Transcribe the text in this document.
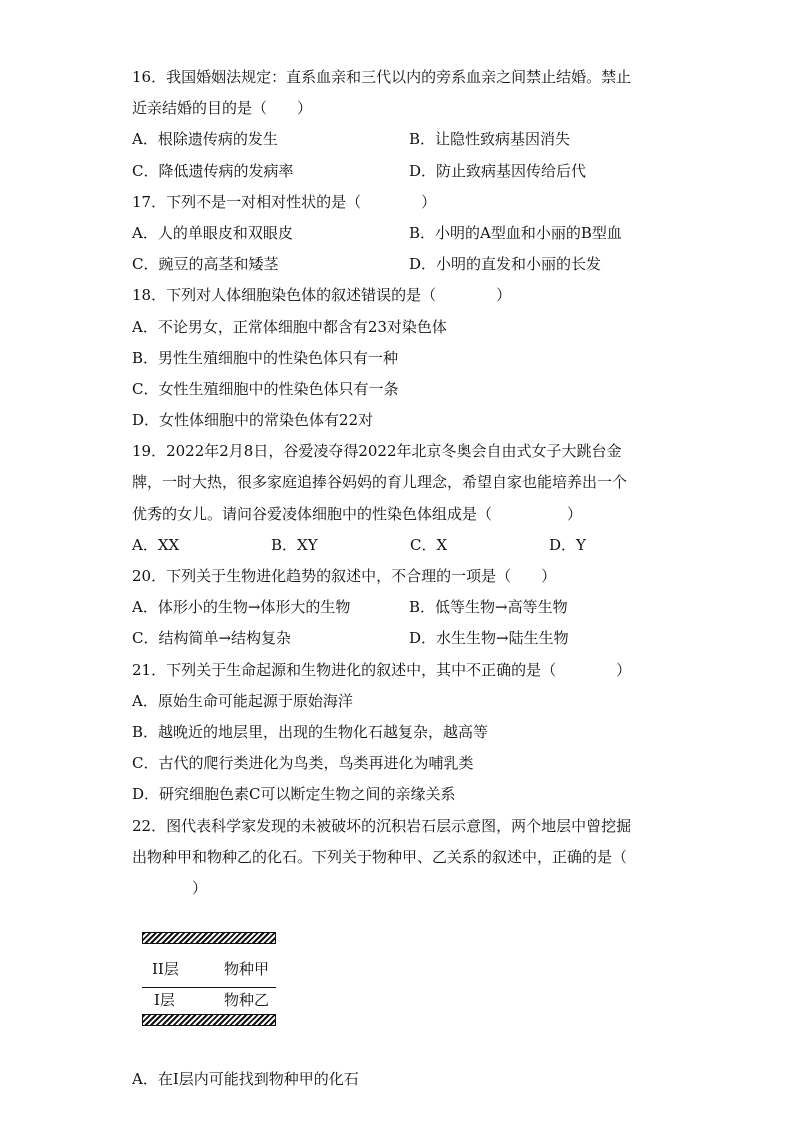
16．我国婚姻法规定：直系血亲和三代以内的旁系血亲之间禁止结婚。禁止
近亲结婚的目的是（　　）
A．根除遗传病的发生	B．让隐性致病基因消失
C．降低遗传病的发病率	D．防止致病基因传给后代
17．下列不是一对相对性状的是（　　　　）
A．人的单眼皮和双眼皮	B．小明的A型血和小丽的B型血
C．豌豆的高茎和矮茎	D．小明的直发和小丽的长发
18．下列对人体细胞染色体的叙述错误的是（　　　　）
A．不论男女，正常体细胞中都含有23对染色体
B．男性生殖细胞中的性染色体只有一种
C．女性生殖细胞中的性染色体只有一条
D．女性体细胞中的常染色体有22对
19．2022年2月8日，谷爱凌夺得2022年北京冬奥会自由式女子大跳台金
牌，一时大热，很多家庭追捧谷妈妈的育儿理念，希望自家也能培养出一个
优秀的女儿。请问谷爱凌体细胞中的性染色体组成是（　　　　　）
A．XX	B．XY	C．X	D．Y
20．下列关于生物进化趋势的叙述中，不合理的一项是（　　）
A．体形小的生物→体形大的生物	B．低等生物→高等生物
C．结构简单→结构复杂	D．水生生物→陆生生物
21．下列关于生命起源和生物进化的叙述中，其中不正确的是（　　　　）
A．原始生命可能起源于原始海洋
B．越晚近的地层里，出现的生物化石越复杂，越高等
C．古代的爬行类进化为鸟类，鸟类再进化为哺乳类
D．研究细胞色素C可以断定生物之间的亲缘关系
22．图代表科学家发现的未被破坏的沉积岩石层示意图，两个地层中曾挖掘
出物种甲和物种乙的化石。下列关于物种甲、乙关系的叙述中，正确的是（
　　　　）
II层	物种甲
I层	物种乙
A．在I层内可能找到物种甲的化石
